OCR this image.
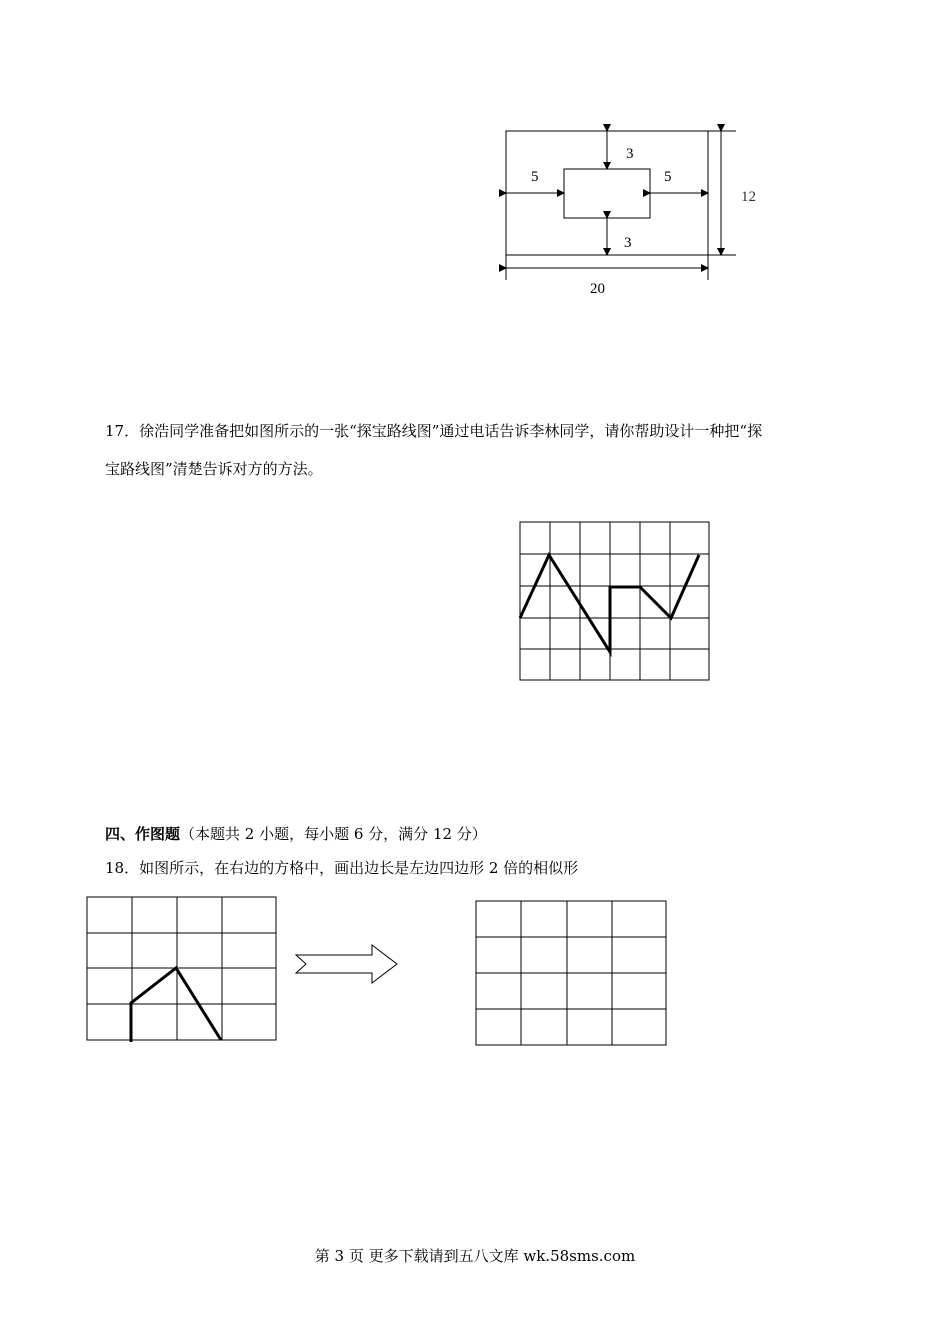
3
3
5	5
12
20
17．徐浩同学准备把如图所示的一张“探宝路线图”通过电话告诉李林同学，请你帮助设计一种把“探
宝路线图”清楚告诉对方的方法。
四、作图题（本题共 2 小题，每小题 6 分，满分 12 分）
18．如图所示，在右边的方格中，画出边长是左边四边形 2 倍的相似形
第 3 页 更多下载请到五八文库 wk.58sms.com
